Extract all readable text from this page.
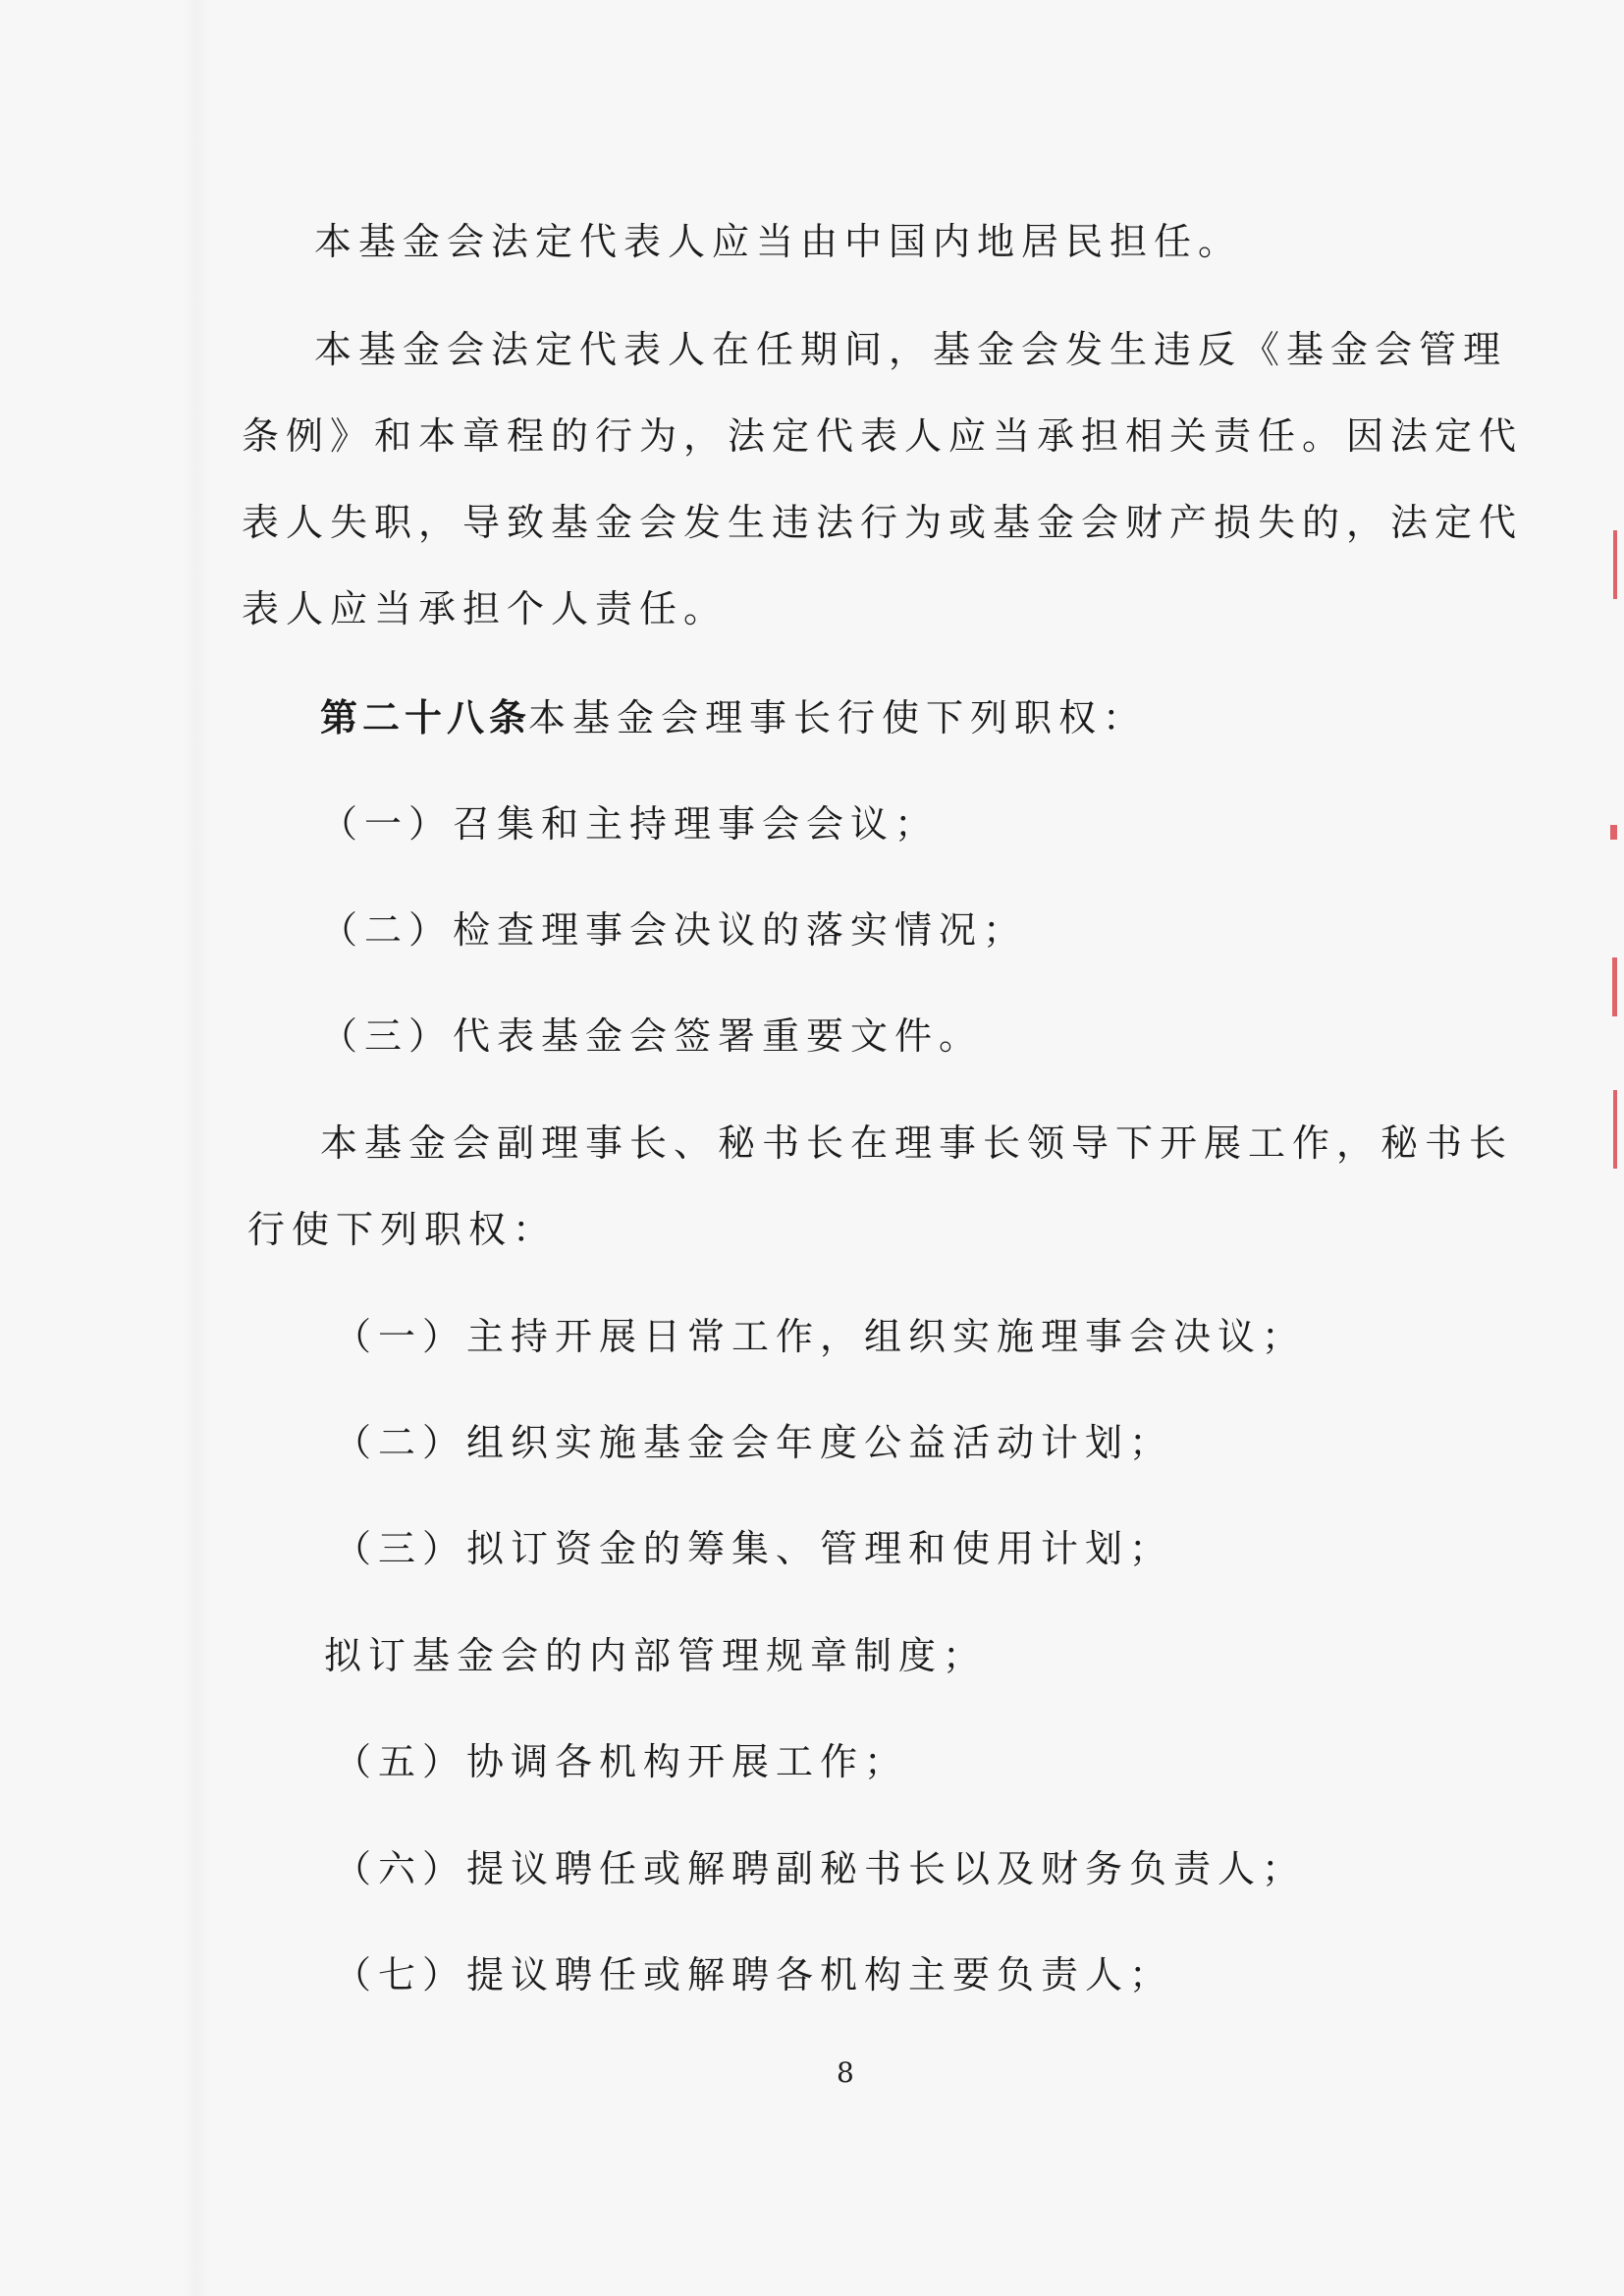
本基金会法定代表人应当由中国内地居民担任。
本基金会法定代表人在任期间，基金会发生违反《基金会管理
条例》和本章程的行为，法定代表人应当承担相关责任。因法定代
表人失职，导致基金会发生违法行为或基金会财产损失的，法定代
表人应当承担个人责任。
第二十八条
本基金会理事长行使下列职权：
（一）召集和主持理事会会议；
（二）检查理事会决议的落实情况；
（三）代表基金会签署重要文件。
本基金会副理事长、秘书长在理事长领导下开展工作，秘书长
行使下列职权：
（一）主持开展日常工作，组织实施理事会决议；
（二）组织实施基金会年度公益活动计划；
（三）拟订资金的筹集、管理和使用计划；
拟订基金会的内部管理规章制度；
（五）协调各机构开展工作；
（六）提议聘任或解聘副秘书长以及财务负责人；
（七）提议聘任或解聘各机构主要负责人；
8
